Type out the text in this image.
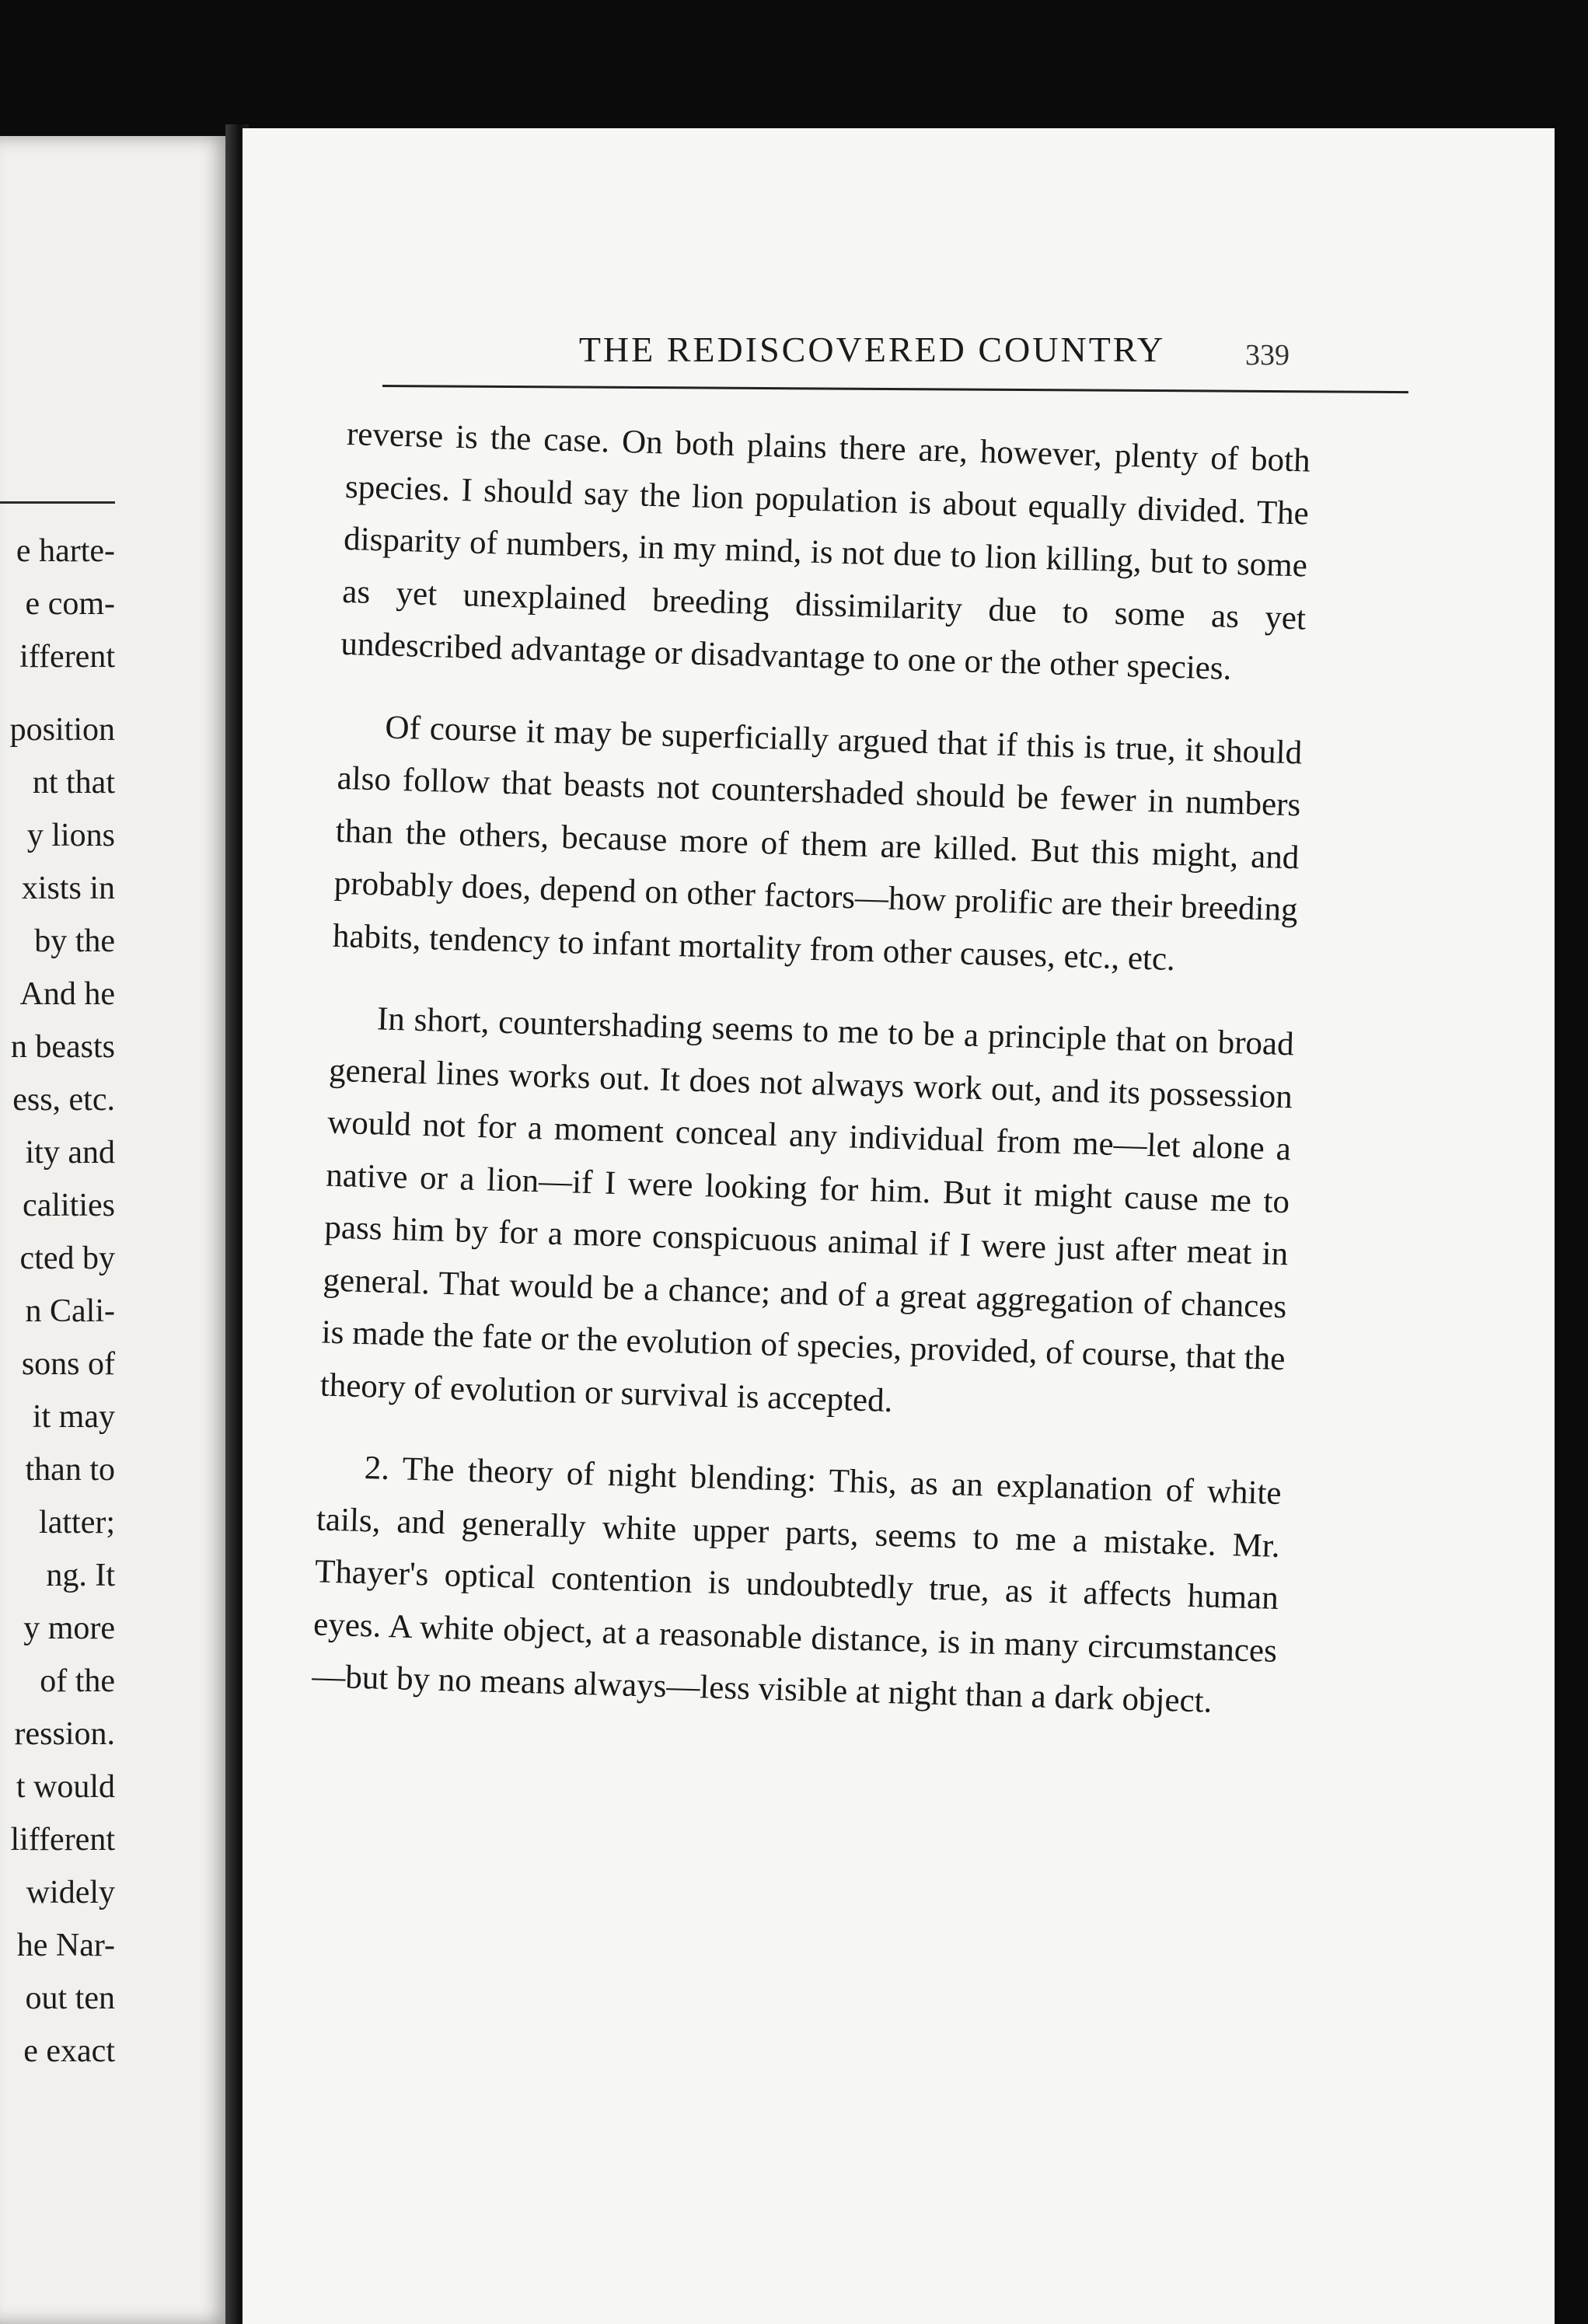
e harte-
e com-
ifferent
position
nt that
y lions
xists in
by the
And he
n beasts
ess, etc.
ity and
calities
cted by
n Cali-
sons of
it may
than to
latter;
ng. It
y more
of the
ression.
t would
lifferent
widely
he Nar-
out ten
e exact
THE REDISCOVERED COUNTRY	339

reverse is the case. On both plains there are, however, plenty of both species. I should say the lion population is about equally divided. The disparity of numbers, in my mind, is not due to lion killing, but to some as yet unexplained breeding dissimilarity due to some as yet undescribed advantage or disadvantage to one or the other species.

Of course it may be superficially argued that if this is true, it should also follow that beasts not countershaded should be fewer in numbers than the others, because more of them are killed. But this might, and probably does, depend on other factors—how prolific are their breeding habits, tendency to infant mortality from other causes, etc., etc.

In short, countershading seems to me to be a principle that on broad general lines works out. It does not always work out, and its possession would not for a moment conceal any individual from me—let alone a native or a lion—if I were looking for him. But it might cause me to pass him by for a more conspicuous animal if I were just after meat in general. That would be a chance; and of a great aggregation of chances is made the fate or the evolution of species, provided, of course, that the theory of evolution or survival is accepted.

2. The theory of night blending: This, as an explanation of white tails, and generally white upper parts, seems to me a mistake. Mr. Thayer's optical contention is undoubtedly true, as it affects human eyes. A white object, at a reasonable distance, is in many circumstances—but by no means always—less visible at night than a dark object.
